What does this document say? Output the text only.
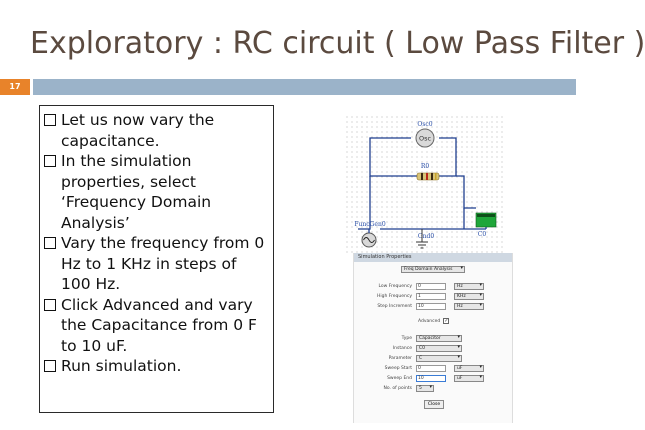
Exploratory : RC circuit ( Low Pass Filter )
17
Let us now vary the capacitance.
In the simulation properties, select ‘Frequency Domain Analysis’
Vary the frequency from 0 Hz to 1 KHz in steps of 100 Hz.
Click Advanced and vary the Capacitance from 0 F to 10 uF.
Run simulation.
Osc
Osc0
R0
C0
FuncGen0
Gnd0
Simulation Properties
Freq Domain Analysis ▾
Low Frequency	0	Hz ▾
High Frequency	1	KHz ▾
Step Increment	10	Hz ▾
Advanced ✓
Type	Capacitor ▾
Instance	C0 ▾
Parameter	C ▾
Sweep Start	0	uF ▾
Sweep End	10	uF ▾
No. of points	5 ▾
Close
